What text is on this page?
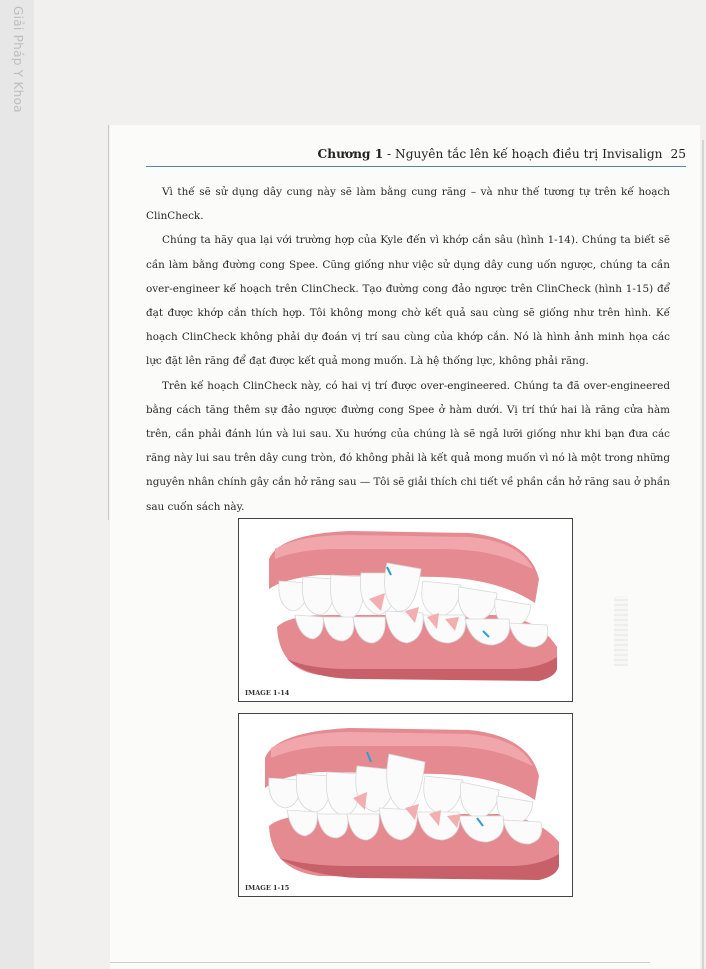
Giải Pháp Y Khoa
Chương 1 - Nguyên tắc lên kế hoạch điều trị Invisalign 25

Vì thế sẽ sử dụng dây cung này sẽ làm bằng cung răng – và như thế tương tự trên kế hoạch ClinCheck.

Chúng ta hãy qua lại với trường hợp của Kyle đến vì khớp cắn sâu (hình 1-14). Chúng ta biết sẽ cần làm bằng đường cong Spee. Cũng giống như việc sử dụng dây cung uốn ngược, chúng ta cần over-engineer kế hoạch trên ClinCheck. Tạo đường cong đảo ngược trên ClinCheck (hình 1-15) để đạt được khớp cắn thích hợp. Tôi không mong chờ kết quả sau cùng sẽ giống như trên hình. Kế hoạch ClinCheck không phải dự đoán vị trí sau cùng của khớp cắn. Nó là hình ảnh minh họa các lực đặt lên răng để đạt được kết quả mong muốn. Là hệ thống lực, không phải răng.

Trên kế hoạch ClinCheck này, có hai vị trí được over-engineered. Chúng ta đã over-engineered bằng cách tăng thêm sự đảo ngược đường cong Spee ở hàm dưới. Vị trí thứ hai là răng cửa hàm trên, cần phải đánh lún và lui sau. Xu hướng của chúng là sẽ ngả lưỡi giống như khi bạn đưa các răng này lui sau trên dây cung tròn, đó không phải là kết quả mong muốn vì nó là một trong những nguyên nhân chính gây cắn hở răng sau — Tôi sẽ giải thích chi tiết về phần cắn hở răng sau ở phần sau cuốn sách này.

IMAGE 1-14
IMAGE 1-15
